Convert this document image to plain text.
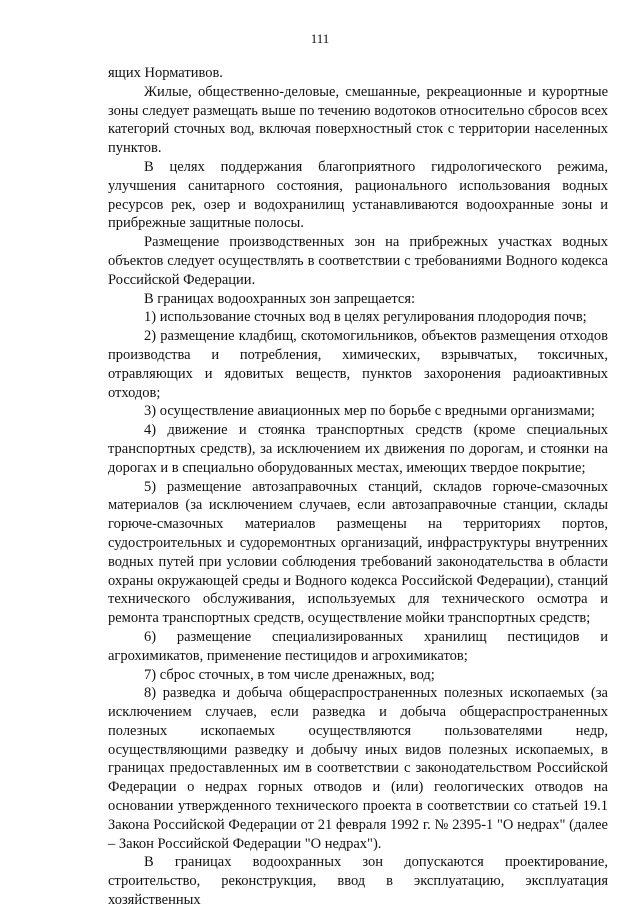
111

ящих Нормативов.

Жилые, общественно-деловые, смешанные, рекреационные и курортные зоны следует размещать выше по течению водотоков относительно сбросов всех категорий сточных вод, включая поверхностный сток с территории населенных пунктов.

В целях поддержания благоприятного гидрологического режима, улучшения санитарного состояния, рационального использования водных ресурсов рек, озер и водохранилищ устанавливаются водоохранные зоны и прибрежные защитные полосы.

Размещение производственных зон на прибрежных участках водных объектов следует осуществлять в соответствии с требованиями Водного кодекса Российской Федерации.

В границах водоохранных зон запрещается:

1) использование сточных вод в целях регулирования плодородия почв;

2) размещение кладбищ, скотомогильников, объектов размещения отходов производства и потребления, химических, взрывчатых, токсичных, отравляющих и ядовитых веществ, пунктов захоронения радиоактивных отходов;

3) осуществление авиационных мер по борьбе с вредными организмами;

4) движение и стоянка транспортных средств (кроме специальных транспортных средств), за исключением их движения по дорогам, и стоянки на дорогах и в специально оборудованных местах, имеющих твердое покрытие;

5) размещение автозаправочных станций, складов горюче-смазочных материалов (за исключением случаев, если автозаправочные станции, склады горюче-смазочных материалов размещены на территориях портов, судостроительных и судоремонтных организаций, инфраструктуры внутренних водных путей при условии соблюдения требований законодательства в области охраны окружающей среды и Водного кодекса Российской Федерации), станций технического обслуживания, используемых для технического осмотра и ремонта транспортных средств, осуществление мойки транспортных средств;

6) размещение специализированных хранилищ пестицидов и агрохимикатов, применение пестицидов и агрохимикатов;

7) сброс сточных, в том числе дренажных, вод;

8) разведка и добыча общераспространенных полезных ископаемых (за исключением случаев, если разведка и добыча общераспространенных полезных ископаемых осуществляются пользователями недр, осуществляющими разведку и добычу иных видов полезных ископаемых, в границах предоставленных им в соответствии с законодательством Российской Федерации о недрах горных отводов и (или) геологических отводов на основании утвержденного технического проекта в соответствии со статьей 19.1 Закона Российской Федерации от 21 февраля 1992 г. № 2395-1 "О недрах" (далее – Закон Российской Федерации "О недрах").

В границах водоохранных зон допускаются проектирование, строительство, реконструкция, ввод в эксплуатацию, эксплуатация хозяйственных
